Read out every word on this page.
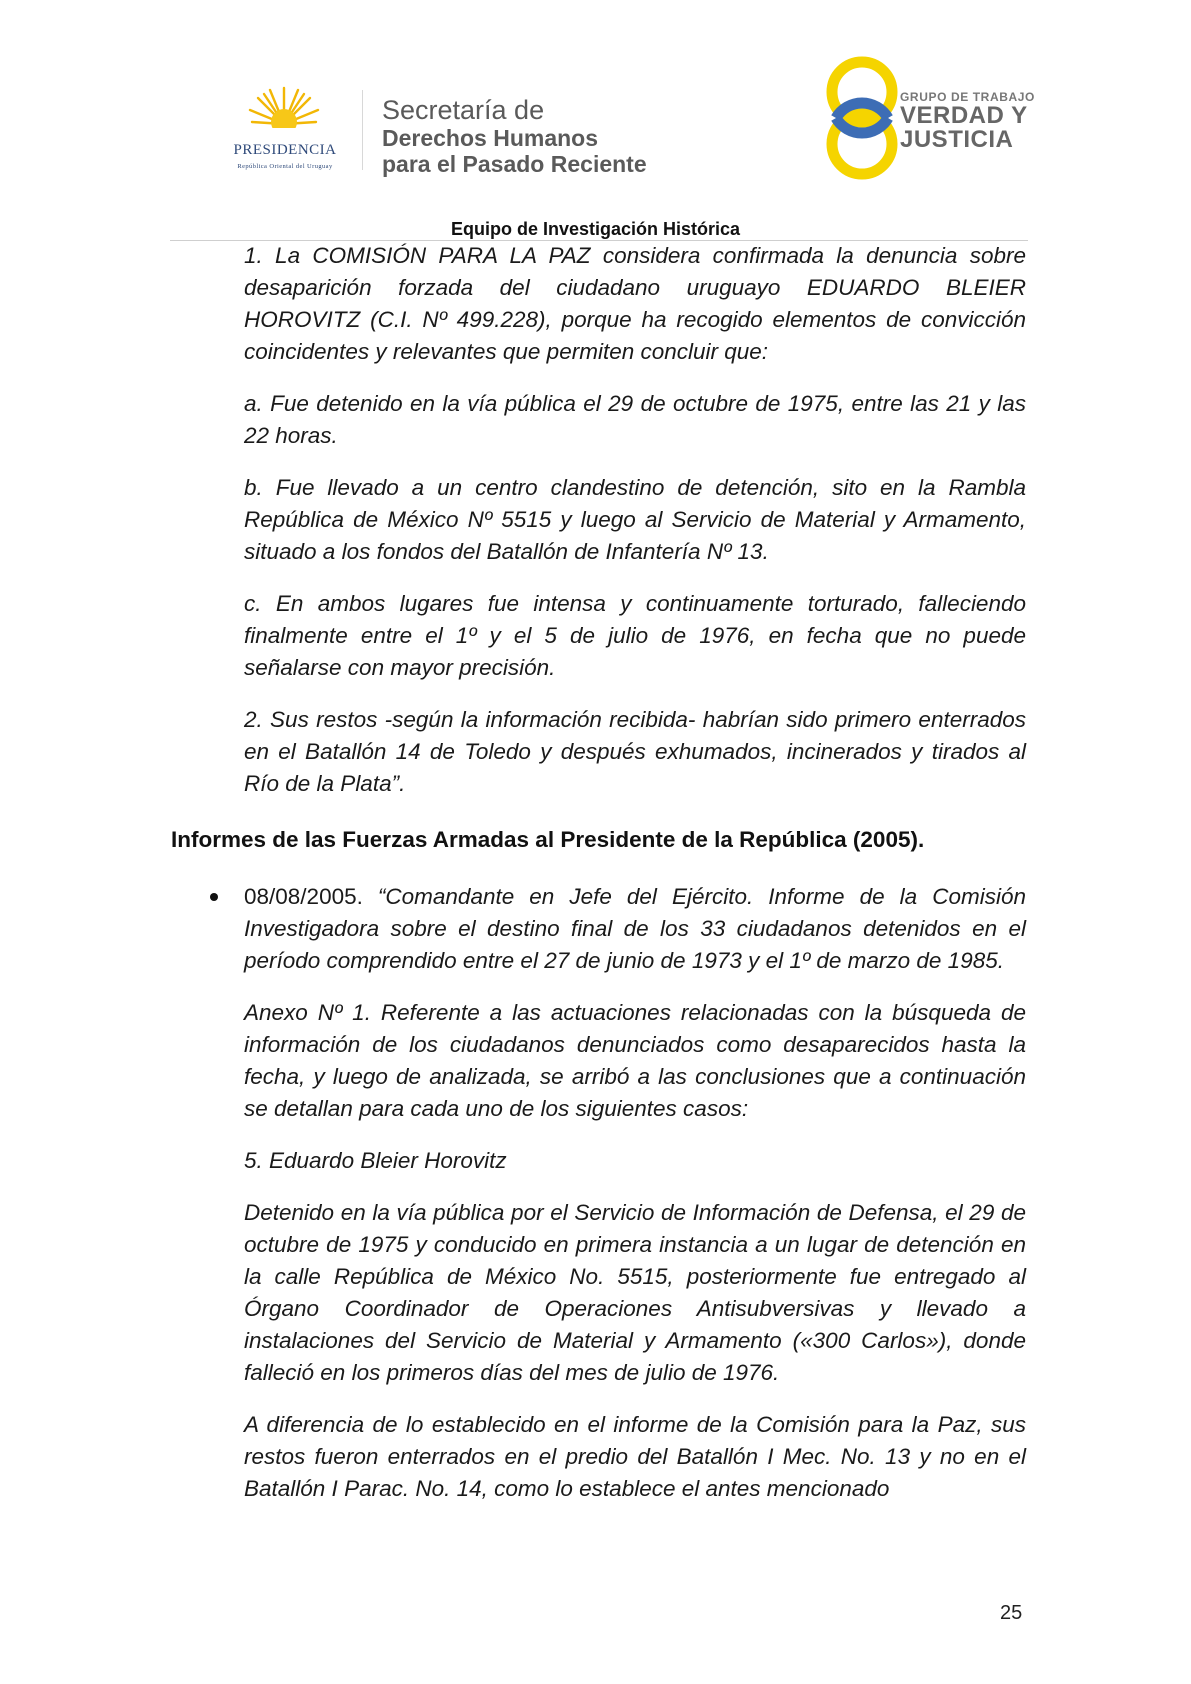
PRESIDENCIA
República Oriental del Uruguay
Secretaría de
Derechos Humanos
para el Pasado Reciente
GRUPO DE TRABAJO
VERDAD Y
JUSTICIA
Equipo de Investigación Histórica

1. La COMISIÓN PARA LA PAZ considera confirmada la denuncia sobre desaparición forzada del ciudadano uruguayo EDUARDO BLEIER HOROVITZ (C.I. Nº 499.228), porque ha recogido elementos de convicción coincidentes y relevantes que permiten concluir que:

a. Fue detenido en la vía pública el 29 de octubre de 1975, entre las 21 y las 22 horas.

b. Fue llevado a un centro clandestino de detención, sito en la Rambla República de México Nº 5515 y luego al Servicio de Material y Armamento, situado a los fondos del Batallón de Infantería Nº 13.

c. En ambos lugares fue intensa y continuamente torturado, falleciendo finalmente entre el 1º y el 5 de julio de 1976, en fecha que no puede señalarse con mayor precisión.

2. Sus restos -según la información recibida- habrían sido primero enterrados en el Batallón 14 de Toledo y después exhumados, incinerados y tirados al Río de la Plata”.

Informes de las Fuerzas Armadas al Presidente de la República (2005).

08/08/2005. “Comandante en Jefe del Ejército. Informe de la Comisión Investigadora sobre el destino final de los 33 ciudadanos detenidos en el período comprendido entre el 27 de junio de 1973 y el 1º de marzo de 1985.

Anexo Nº 1. Referente a las actuaciones relacionadas con la búsqueda de información de los ciudadanos denunciados como desaparecidos hasta la fecha, y luego de analizada, se arribó a las conclusiones que a continuación se detallan para cada uno de los siguientes casos:

5. Eduardo Bleier Horovitz

Detenido en la vía pública por el Servicio de Información de Defensa, el 29 de octubre de 1975 y conducido en primera instancia a un lugar de detención en la calle República de México No. 5515, posteriormente fue entregado al Órgano Coordinador de Operaciones Antisubversivas y llevado a instalaciones del Servicio de Material y Armamento («300 Carlos»), donde falleció en los primeros días del mes de julio de 1976.

A diferencia de lo establecido en el informe de la Comisión para la Paz, sus restos fueron enterrados en el predio del Batallón I Mec. No. 13 y no en el Batallón I Parac. No. 14, como lo establece el antes mencionado

25
